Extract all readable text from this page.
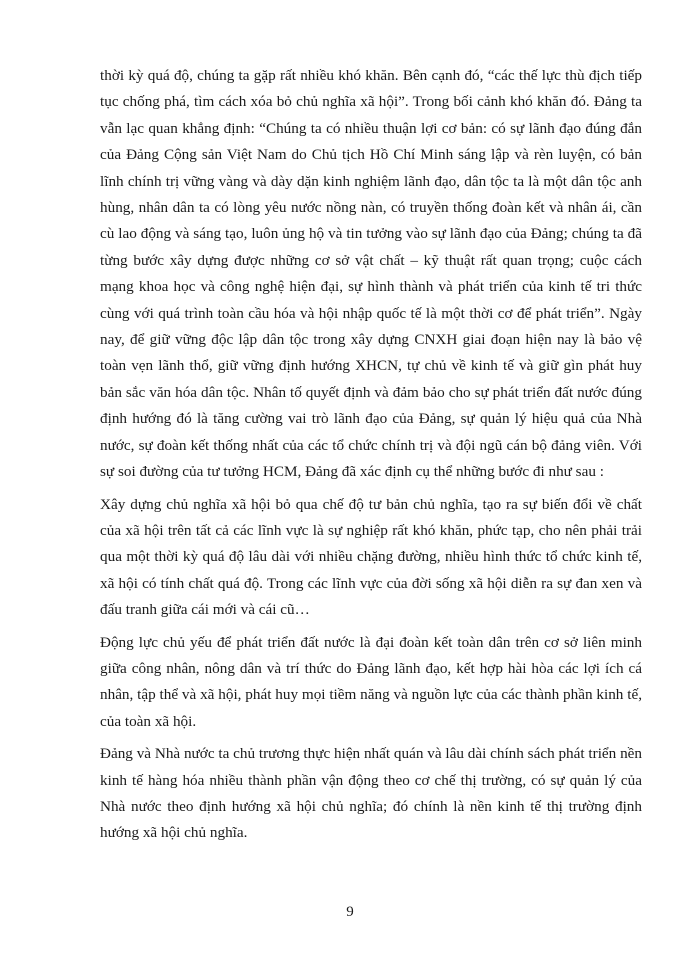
thời kỳ quá độ, chúng ta gặp rất nhiều khó khăn. Bên cạnh đó, “các thế lực thù địch tiếp tục chống phá, tìm cách xóa bỏ chủ nghĩa xã hội”. Trong bối cảnh khó khăn đó. Đảng ta vẫn lạc quan khẳng định: “Chúng ta có nhiều thuận lợi cơ bản: có sự lãnh đạo đúng đắn của Đảng Cộng sản Việt Nam do Chủ tịch Hồ Chí Minh sáng lập và rèn luyện, có bản lĩnh chính trị vững vàng và dày dặn kinh nghiệm lãnh đạo, dân tộc ta là một dân tộc anh hùng, nhân dân ta có lòng yêu nước nồng nàn, có truyền thống đoàn kết và nhân ái, cần cù lao động và sáng tạo, luôn ủng hộ và tin tưởng vào sự lãnh đạo của Đảng; chúng ta đã từng bước xây dựng được những cơ sở vật chất – kỹ thuật rất quan trọng; cuộc cách mạng khoa học và công nghệ hiện đại, sự hình thành và phát triển của kinh tế tri thức cùng với quá trình toàn cầu hóa và hội nhập quốc tế là một thời cơ để phát triển”. Ngày nay, để giữ vững độc lập dân tộc trong xây dựng CNXH giai đoạn hiện nay là bảo vệ toàn vẹn lãnh thổ, giữ vững định hướng XHCN, tự chủ về kinh tế và giữ gìn phát huy bản sắc văn hóa dân tộc. Nhân tố quyết định và đảm bảo cho sự phát triển đất nước đúng định hướng đó là tăng cường vai trò lãnh đạo của Đảng, sự quản lý hiệu quả của Nhà nước, sự đoàn kết thống nhất của các tổ chức chính trị và đội ngũ cán bộ đảng viên. Với sự soi đường của tư tưởng HCM, Đảng đã xác định cụ thể những bước đi như sau :

Xây dựng chủ nghĩa xã hội bỏ qua chế độ tư bản chủ nghĩa, tạo ra sự biến đổi về chất của xã hội trên tất cả các lĩnh vực là sự nghiệp rất khó khăn, phức tạp, cho nên phải trải qua một thời kỳ quá độ lâu dài với nhiều chặng đường, nhiều hình thức tổ chức kinh tế, xã hội có tính chất quá độ. Trong các lĩnh vực của đời sống xã hội diễn ra sự đan xen và đấu tranh giữa cái mới và cái cũ…

Động lực chủ yếu để phát triển đất nước là đại đoàn kết toàn dân trên cơ sở liên minh giữa công nhân, nông dân và trí thức do Đảng lãnh đạo, kết hợp hài hòa các lợi ích cá nhân, tập thể và xã hội, phát huy mọi tiềm năng và nguồn lực của các thành phần kinh tế, của toàn xã hội.

Đảng và Nhà nước ta chủ trương thực hiện nhất quán và lâu dài chính sách phát triển nền kinh tế hàng hóa nhiều thành phần vận động theo cơ chế thị trường, có sự quản lý của Nhà nước theo định hướng xã hội chủ nghĩa; đó chính là nền kinh tế thị trường định hướng xã hội chủ nghĩa.

9
